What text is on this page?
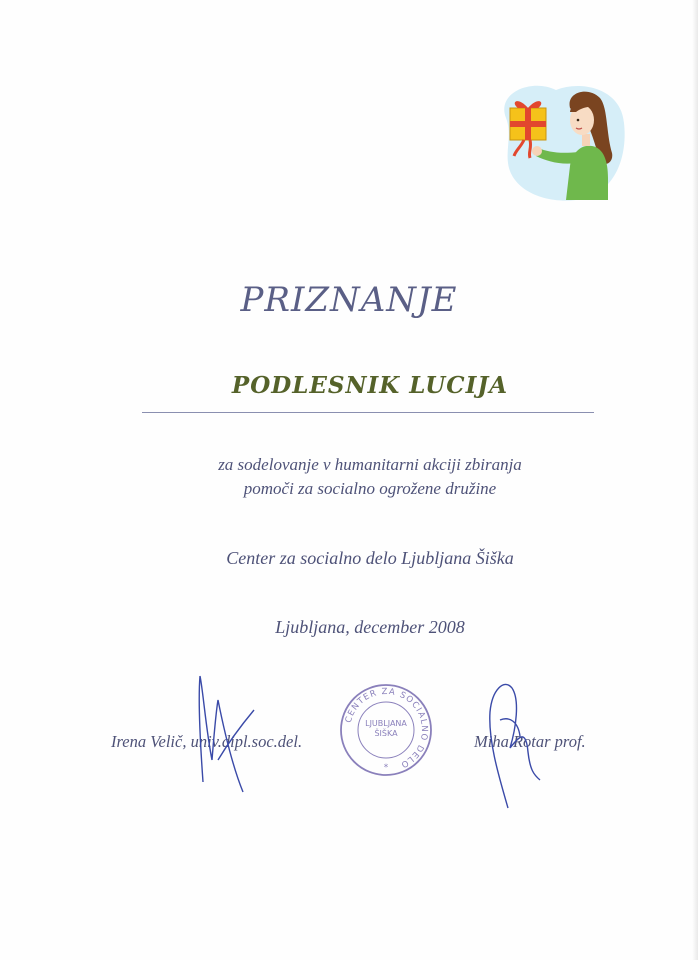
PRIZNANJE
PODLESNIK LUCIJA
za sodelovanje v humanitarni akciji zbiranja
pomoči za socialno ogrožene družine
Center za socialno delo Ljubljana Šiška
Ljubljana, december 2008
CENTER ZA SOCIALNO DELO
*
LJUBLJANA
ŠIŠKA
Irena Velič, univ.dipl.soc.del.	Miha Rotar prof.
